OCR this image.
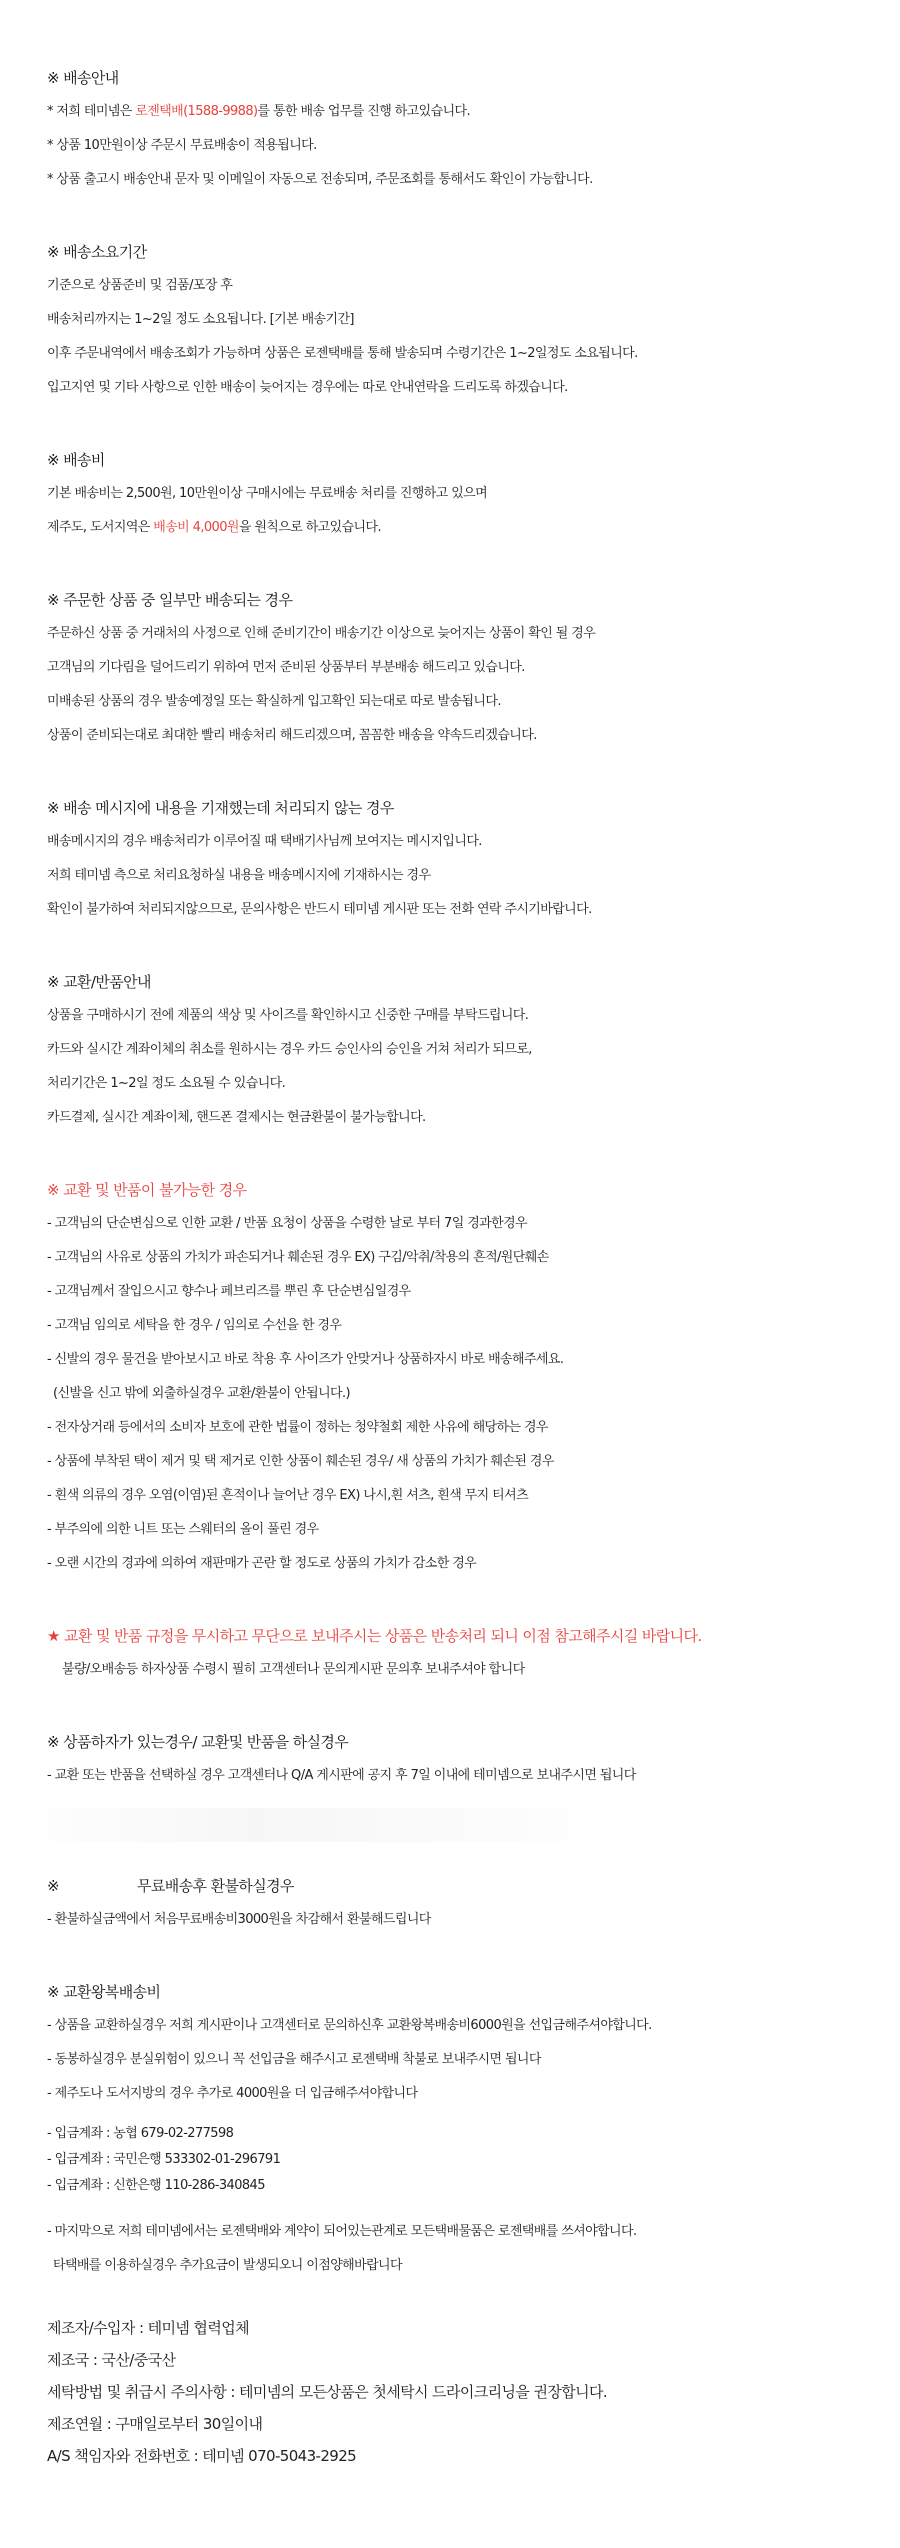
※ 배송안내
* 저희 테미넴은 로젠택배(1588-9988)를 통한 배송 업무를 진행 하고있습니다.
* 상품 10만원이상 주문시 무료배송이 적용됩니다.
* 상품 출고시 배송안내 문자 및 이메일이 자동으로 전송되며, 주문조회를 통해서도 확인이 가능합니다.
※ 배송소요기간
기준으로 상품준비 및 검품/포장 후
배송처리까지는 1~2일 정도 소요됩니다. [기본 배송기간]
이후 주문내역에서 배송조회가 가능하며 상품은 로젠택배를 통해 발송되며 수령기간은 1~2일정도 소요됩니다.
입고지연 및 기타 사항으로 인한 배송이 늦어지는 경우에는 따로 안내연락을 드리도록 하겠습니다.
※ 배송비
기본 배송비는 2,500원, 10만원이상 구매시에는 무료배송 처리를 진행하고 있으며
제주도, 도서지역은 배송비 4,000원을 원칙으로 하고있습니다.
※ 주문한 상품 중 일부만 배송되는 경우
주문하신 상품 중 거래처의 사정으로 인해 준비기간이 배송기간 이상으로 늦어지는 상품이 확인 될 경우
고객님의 기다림을 덜어드리기 위하여 먼저 준비된 상품부터 부분배송 해드리고 있습니다.
미배송된 상품의 경우 발송예정일 또는 확실하게 입고확인 되는대로 따로 발송됩니다.
상품이 준비되는대로 최대한 빨리 배송처리 해드리겠으며, 꼼꼼한 배송을 약속드리겠습니다.
※ 배송 메시지에 내용을 기재했는데 처리되지 않는 경우
배송메시지의 경우 배송처리가 이루어질 때 택배기사님께 보여지는 메시지입니다.
저희 테미넴 측으로 처리요청하실 내용을 배송메시지에 기재하시는 경우
확인이 불가하여 처리되지않으므로, 문의사항은 반드시 테미넴 게시판 또는 전화 연락 주시기바랍니다.
※ 교환/반품안내
상품을 구매하시기 전에 제품의 색상 및 사이즈를 확인하시고 신중한 구매를 부탁드립니다.
카드와 실시간 계좌이체의 취소를 원하시는 경우 카드 승인사의 승인을 거쳐 처리가 되므로,
처리기간은 1~2일 정도 소요될 수 있습니다.
카드결제, 실시간 계좌이체, 핸드폰 결제시는 현금환불이 불가능합니다.
※ 교환 및 반품이 불가능한 경우
- 고객님의 단순변심으로 인한 교환 / 반품 요청이 상품을 수령한 날로 부터 7일 경과한경우
- 고객님의 사유로 상품의 가치가 파손되거나 훼손된 경우 EX) 구김/악취/착용의 흔적/원단훼손
- 고객님께서 잘입으시고 향수나 페브리즈를 뿌린 후 단순변심일경우
- 고객님 임의로 세탁을 한 경우 / 임의로 수선을 한 경우
- 신발의 경우 물건을 받아보시고 바로 착용 후 사이즈가 안맞거나 상품하자시 바로 배송해주세요.
(신발을 신고 밖에 외출하실경우 교환/환불이 안됩니다.)
- 전자상거래 등에서의 소비자 보호에 관한 법률이 정하는 청약철회 제한 사유에 해당하는 경우
- 상품에 부착된 택이 제거 및 택 제거로 인한 상품이 훼손된 경우/ 새 상품의 가치가 훼손된 경우
- 흰색 의류의 경우 오염(이염)된 흔적이나 늘어난 경우 EX) 나시,흰 셔츠, 흰색 무지 티셔츠
- 부주의에 의한 니트 또는 스웨터의 올이 풀린 경우
- 오랜 시간의 경과에 의하여 재판매가 곤란 할 정도로 상품의 가치가 감소한 경우
★ 교환 및 반품 규정을 무시하고 무단으로 보내주시는 상품은 반송처리 되니 이점 참고해주시길 바랍니다.
불량/오배송등 하자상품 수령시 필히 고객센터나 문의게시판 문의후 보내주셔야 합니다
※ 상품하자가 있는경우/ 교환및 반품을 하실경우
- 교환 또는 반품을 선택하실 경우 고객센터나 Q/A 게시판에 공지 후 7일 이내에 테미넴으로 보내주시면 됩니다
※	무료배송후 환불하실경우
- 환불하실금액에서 처음무료배송비3000원을 차감해서 환불해드립니다
※ 교환왕복배송비
- 상품을 교환하실경우 저희 게시판이나 고객센터로 문의하신후 교환왕복배송비6000원을 선입금해주셔야합니다.
- 동봉하실경우 분실위험이 있으니 꼭 선입금을 해주시고 로젠택배 착불로 보내주시면 됩니다
- 제주도나 도서지방의 경우 추가로 4000원을 더 입금해주셔야합니다
- 입금계좌 : 농협 679-02-277598
- 입금계좌 : 국민은행 533302-01-296791
- 입금계좌 : 신한은행 110-286-340845
- 마지막으로 저희 테미넴에서는 로젠택배와 계약이 되어있는관계로 모든택배물품은 로젠택배를 쓰셔야합니다.
타택배를 이용하실경우 추가요금이 발생되오니 이점양해바랍니다
제조자/수입자 : 테미넴 협력업체
제조국 : 국산/중국산
세탁방법 및 취급시 주의사항 : 테미넴의 모든상품은 첫세탁시 드라이크리닝을 권장합니다.
제조연월 : 구매일로부터 30일이내
A/S 책임자와 전화번호 : 테미넴 070-5043-2925
